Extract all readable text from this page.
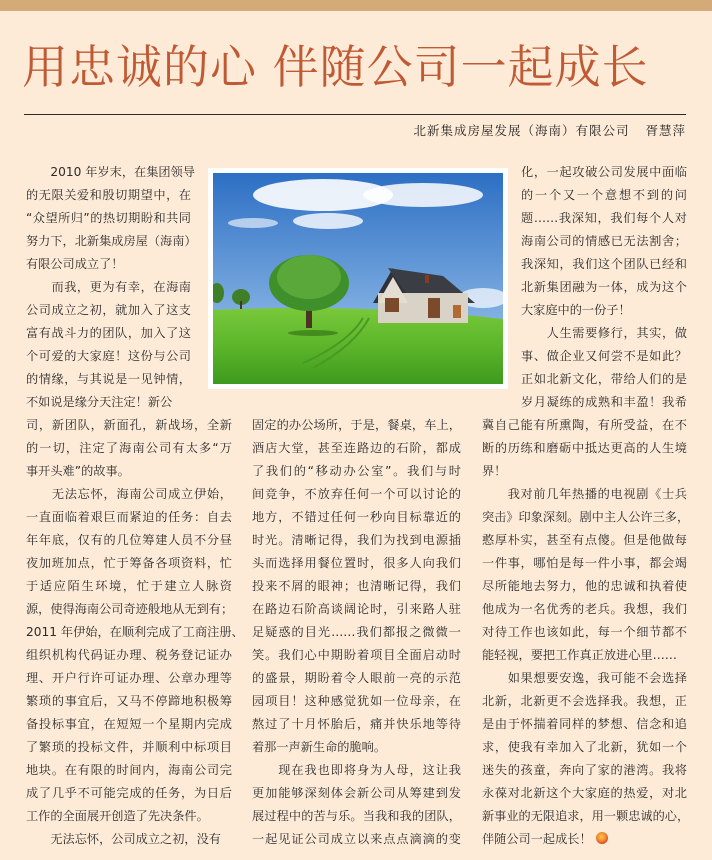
用忠诚的心 伴随公司一起成长
北新集成房屋发展（海南）有限公司 胥慧萍
　　2010 年岁末，在集团领导
的无限关爱和殷切期望中，在
“众望所归”的热切期盼和共同
努力下，北新集成房屋（海南）
有限公司成立了！
　　而我，更为有幸，在海南
公司成立之初，就加入了这支
富有战斗力的团队，加入了这
个可爱的大家庭！这份与公司
的情缘，与其说是一见钟情，
不如说是缘分天注定！新公
司，新团队，新面孔，新战场，全新
的一切，注定了海南公司有太多“万
事开头难”的故事。
　　无法忘怀，海南公司成立伊始，
一直面临着艰巨而紧迫的任务：自去
年年底，仅有的几位筹建人员不分昼
夜加班加点，忙于筹备各项资料，忙
于适应陌生环境，忙于建立人脉资
源，使得海南公司奇迹般地从无到有；
2011 年伊始，在顺利完成了工商注册、
组织机构代码证办理、税务登记证办
理、开户行许可证办理、公章办理等
繁琐的事宜后，又马不停蹄地积极筹
备投标事宜，在短短一个星期内完成
了繁琐的投标文件，并顺利中标项目
地块。在有限的时间内，海南公司完
成了几乎不可能完成的任务，为日后
工作的全面展开创造了先决条件。
　　无法忘怀，公司成立之初，没有
固定的办公场所，于是，餐桌，车上，
酒店大堂，甚至连路边的石阶，都成
了我们的“移动办公室”。我们与时
间竞争，不放弃任何一个可以讨论的
地方，不错过任何一秒向目标靠近的
时光。清晰记得，我们为找到电源插
头而选择用餐位置时，很多人向我们
投来不屑的眼神；也清晰记得，我们
在路边石阶高谈阔论时，引来路人驻
足疑惑的目光……我们都报之微微一
笑。我们心中期盼着项目全面启动时
的盛景，期盼着令人眼前一亮的示范
园项目！这种感觉犹如一位母亲，在
熬过了十月怀胎后，痛并快乐地等待
着那一声新生命的脆响。
　　现在我也即将身为人母，这让我
更加能够深刻体会新公司从筹建到发
展过程中的苦与乐。当我和我的团队，
一起见证公司成立以来点点滴滴的变
化，一起攻破公司发展中面临
的一个又一个意想不到的问
题……我深知，我们每个人对
海南公司的情感已无法割舍；
我深知，我们这个团队已经和
北新集团融为一体，成为这个
大家庭中的一份子！
　　人生需要修行，其实，做
事、做企业又何尝不是如此？
正如北新文化，带给人们的是
岁月凝练的成熟和丰盈！我希
冀自己能有所熏陶，有所受益，在不
断的历练和磨砺中抵达更高的人生境
界！
　　我对前几年热播的电视剧《士兵
突击》印象深刻。剧中主人公许三多，
憨厚朴实，甚至有点傻。但是他做每
一件事，哪怕是每一件小事，都会竭
尽所能地去努力，他的忠诚和执着使
他成为一名优秀的老兵。我想，我们
对待工作也该如此，每一个细节都不
能轻视，要把工作真正放进心里……
　　如果想要安逸，我可能不会选择
北新，北新更不会选择我。我想，正
是由于怀揣着同样的梦想、信念和追
求，使我有幸加入了北新，犹如一个
迷失的孩童，奔向了家的港湾。我将
永葆对北新这个大家庭的热爱，对北
新事业的无限追求，用一颗忠诚的心，
伴随公司一起成长！
